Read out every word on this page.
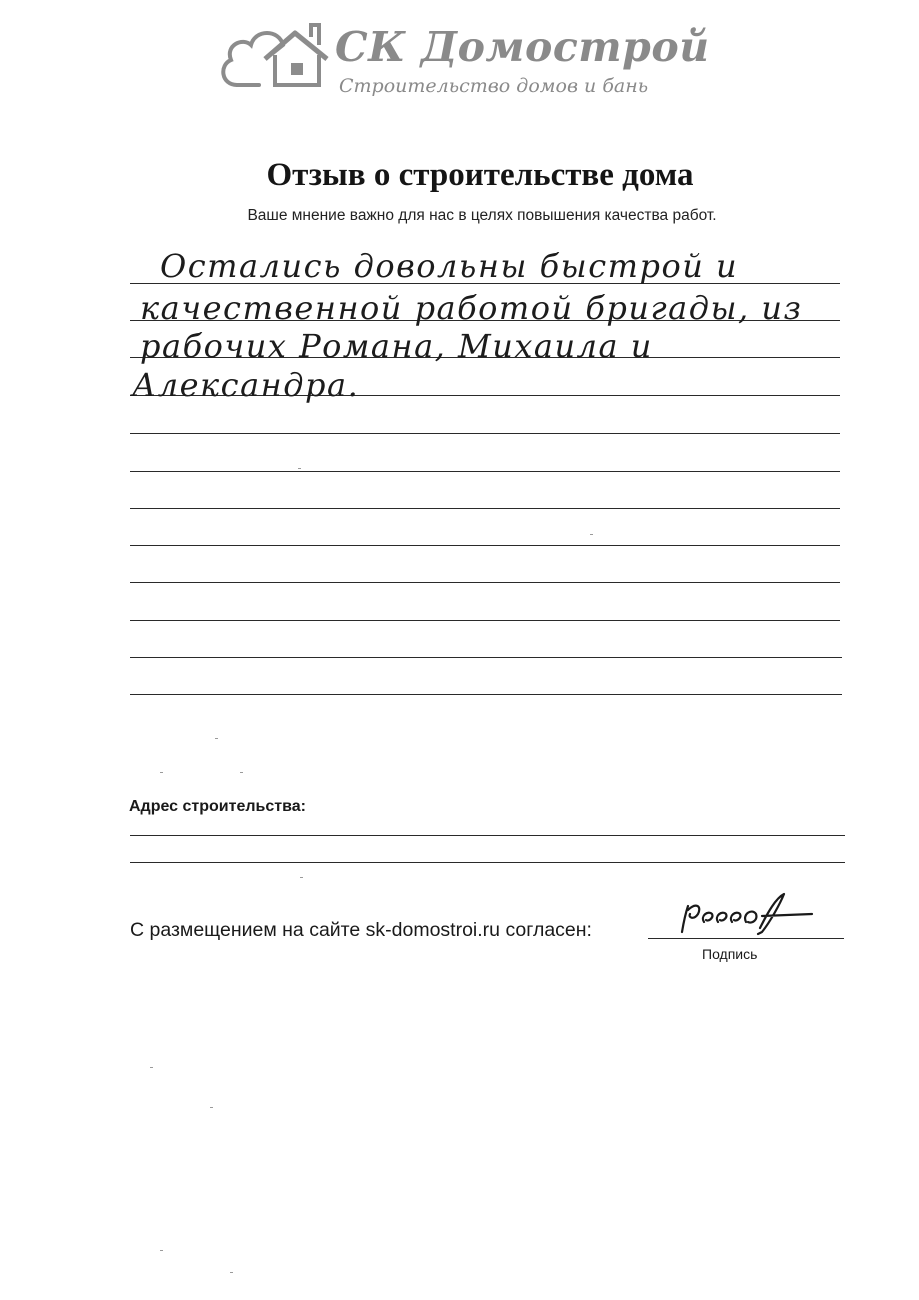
СК Домострой
Строительство домов и бань
Отзыв о строительстве дома
Ваше мнение важно для нас в целях повышения качества работ.
Остались довольны быстрой и
качественной работой бригады, из
рабочих Романа, Михаила и
Александра.
Адрес строительства:
С размещением на сайте sk-domostroi.ru согласен:
Подпись
